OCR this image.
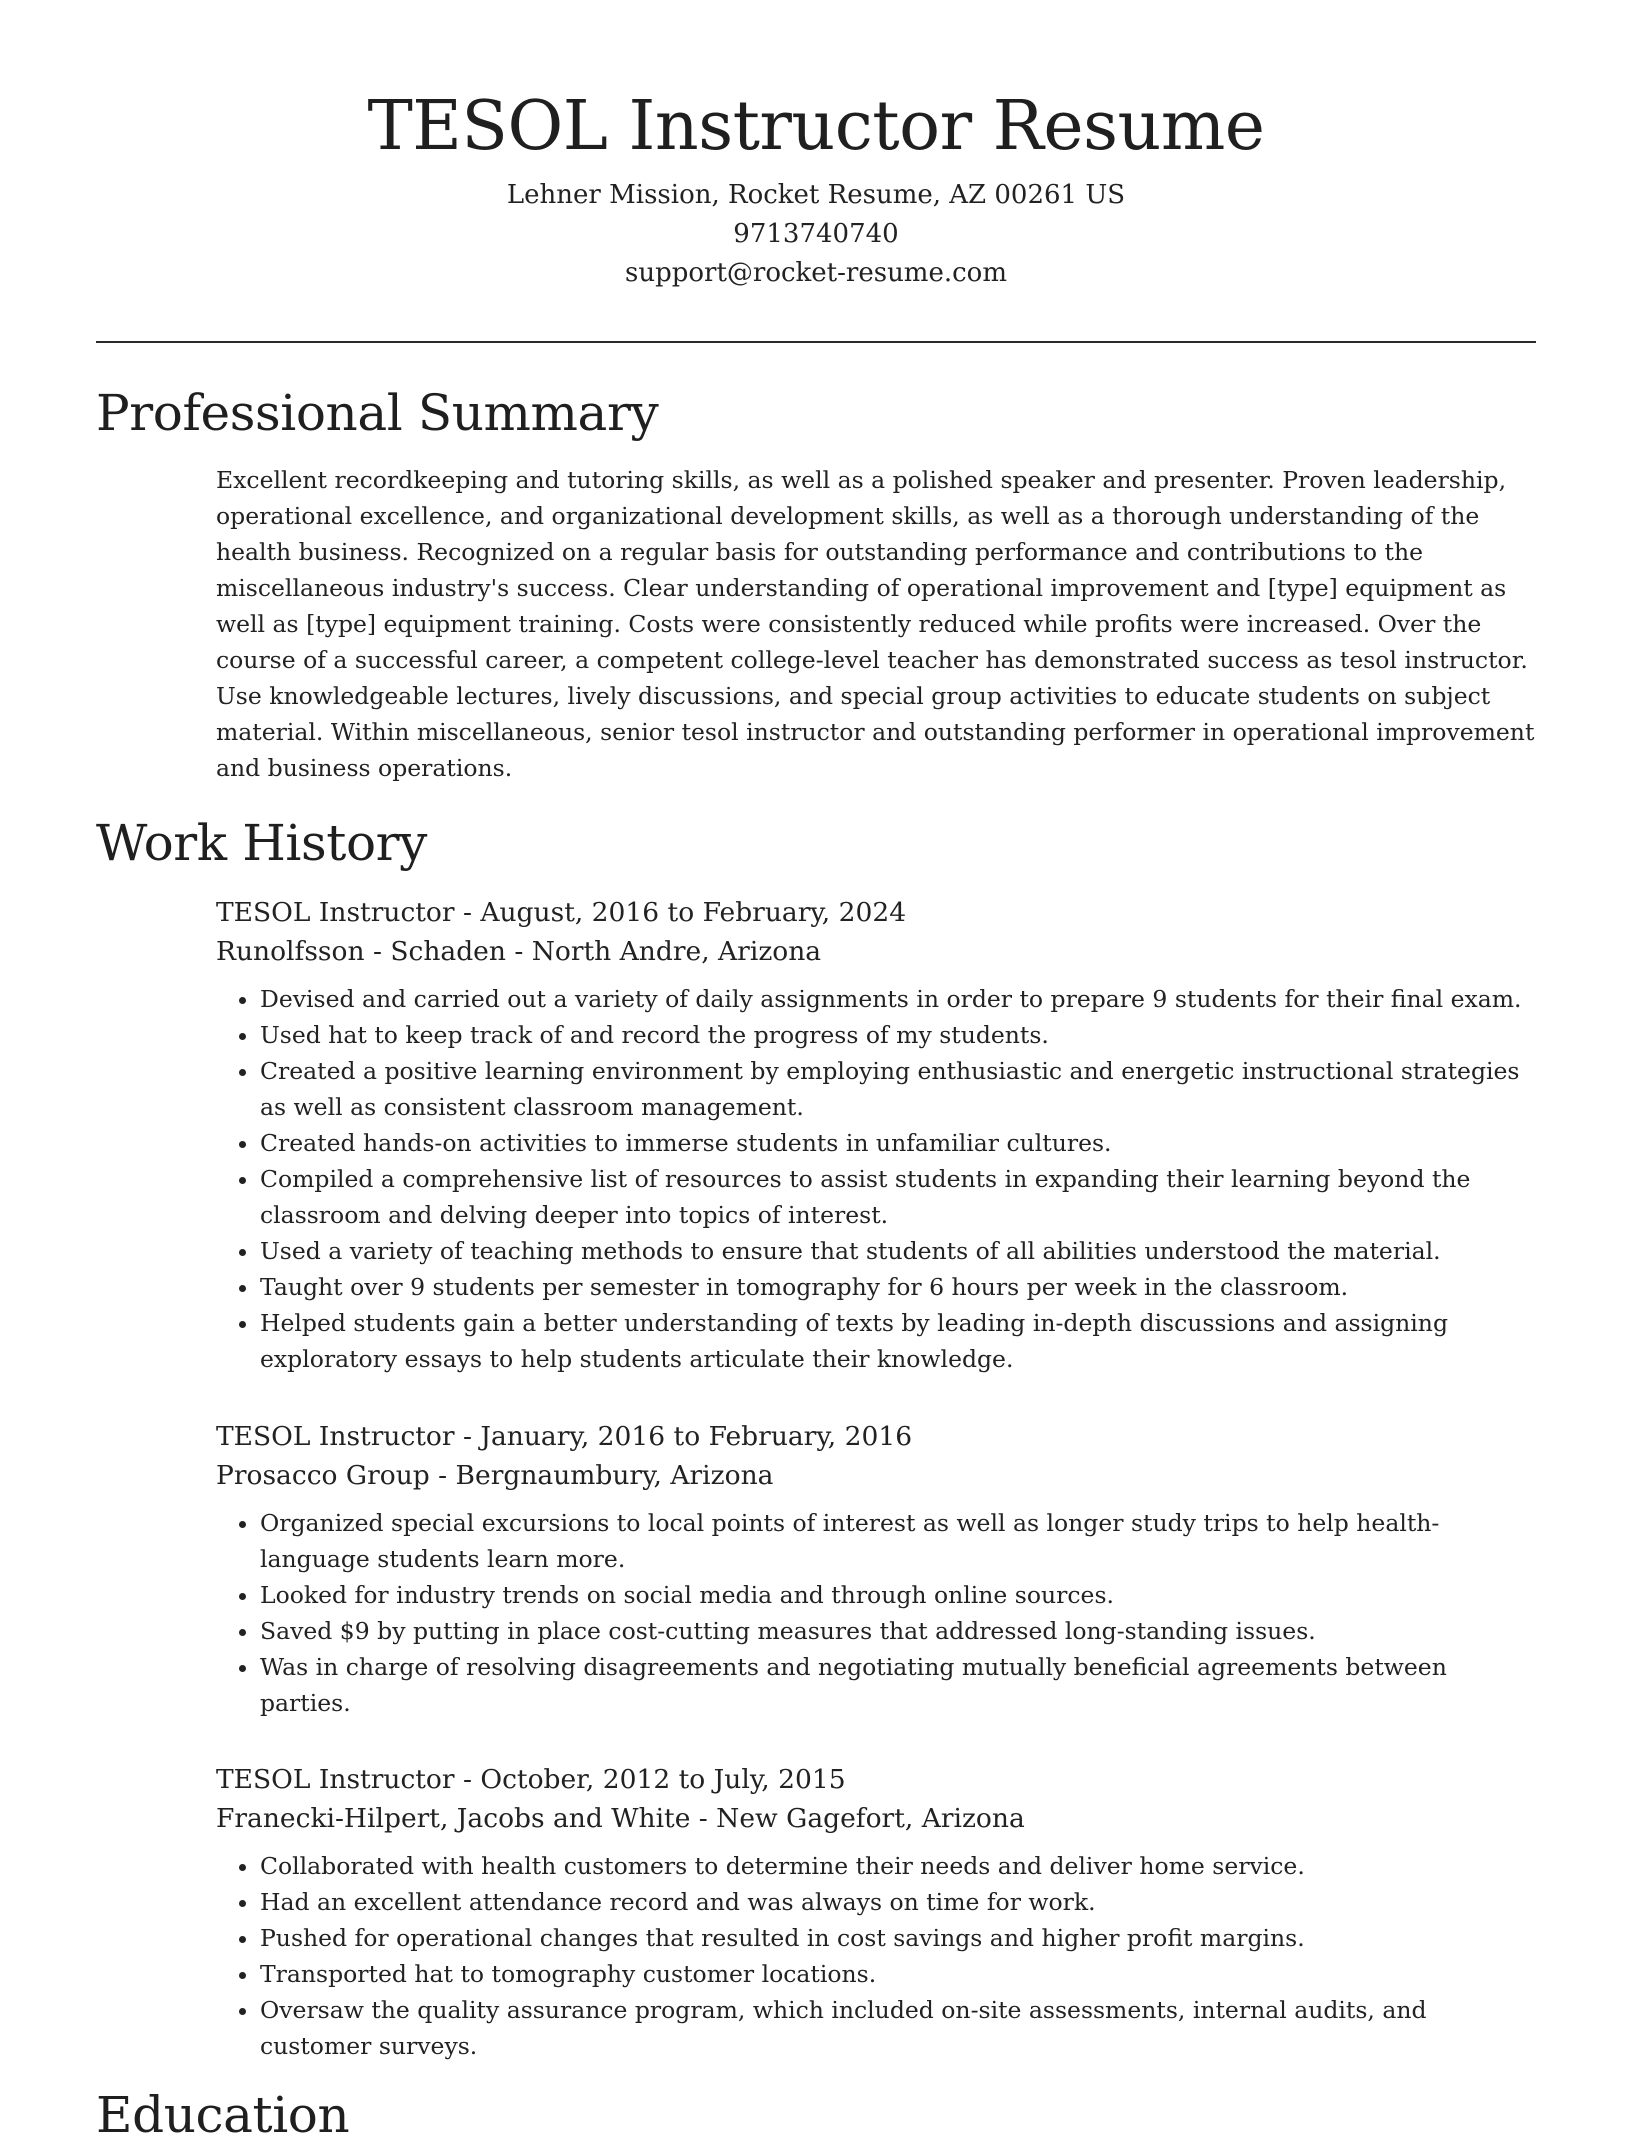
TESOL Instructor Resume

Lehner Mission, Rocket Resume, AZ 00261 US

9713740740

support@rocket-resume.com

Professional Summary

Excellent recordkeeping and tutoring skills, as well as a polished speaker and presenter. Proven leadership, operational excellence, and organizational development skills, as well as a thorough understanding of the health business. Recognized on a regular basis for outstanding performance and contributions to the miscellaneous industry's success. Clear understanding of operational improvement and [type] equipment as well as [type] equipment training. Costs were consistently reduced while profits were increased. Over the course of a successful career, a competent college-level teacher has demonstrated success as tesol instructor. Use knowledgeable lectures, lively discussions, and special group activities to educate students on subject material. Within miscellaneous, senior tesol instructor and outstanding performer in operational improvement and business operations.

Work History

TESOL Instructor - August, 2016 to February, 2024

Runolfsson - Schaden - North Andre, Arizona

• Devised and carried out a variety of daily assignments in order to prepare 9 students for their final exam.
• Used hat to keep track of and record the progress of my students.
• Created a positive learning environment by employing enthusiastic and energetic instructional strategies as well as consistent classroom management.
• Created hands-on activities to immerse students in unfamiliar cultures.
• Compiled a comprehensive list of resources to assist students in expanding their learning beyond the classroom and delving deeper into topics of interest.
• Used a variety of teaching methods to ensure that students of all abilities understood the material.
• Taught over 9 students per semester in tomography for 6 hours per week in the classroom.
• Helped students gain a better understanding of texts by leading in-depth discussions and assigning exploratory essays to help students articulate their knowledge.

TESOL Instructor - January, 2016 to February, 2016

Prosacco Group - Bergnaumbury, Arizona

• Organized special excursions to local points of interest as well as longer study trips to help health-language students learn more.
• Looked for industry trends on social media and through online sources.
• Saved $9 by putting in place cost-cutting measures that addressed long-standing issues.
• Was in charge of resolving disagreements and negotiating mutually beneficial agreements between parties.

TESOL Instructor - October, 2012 to July, 2015

Franecki-Hilpert, Jacobs and White - New Gagefort, Arizona

• Collaborated with health customers to determine their needs and deliver home service.
• Had an excellent attendance record and was always on time for work.
• Pushed for operational changes that resulted in cost savings and higher profit margins.
• Transported hat to tomography customer locations.
• Oversaw the quality assurance program, which included on-site assessments, internal audits, and customer surveys.
Education
